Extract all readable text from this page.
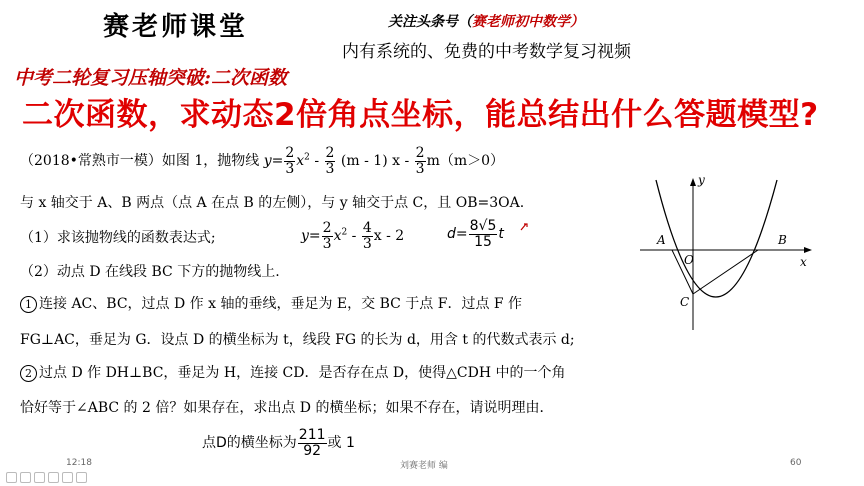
赛老师课堂	关注头条号（赛老师初中数学）
内有系统的、免费的中考数学复习视频
中考二轮复习压轴突破:二次函数
二次函数，求动态2倍角点坐标，能总结出什么答题模型?
（2018•常熟市一模）如图 1，抛物线 $y= \frac{2}{3} x^2 - \frac{2}{3} (m - 1)$ $x - \frac{2}{3} m(m>0)$
与 x 轴交于 A、B 两点（点 A 在点 B 的左侧），与 y 轴交于点 C，且 OB=3OA.
（1）求该抛物线的函数表达式;	$y= \frac{2}{3} x^2 - \frac{4}{3}$ x - 2	$d= \frac{8√5}{15}$ t
（2）动点 D 在线段 BC 下方的抛物线上.
1 连接 AC、BC，过点 D 作 x 轴的垂线，垂足为 E，交 BC 于点 F．过点 F 作
FG⊥AC，垂足为 G．设点 D 的横坐标为 t，线段 FG 的长为 d，用含 t 的代数式表示 d;
2 过点 D 作 DH⊥BC，垂足为 H，连接 CD．是否存在点 D，使得△CDH 中的一个角
恰好等于∠ABC 的 2 倍？如果存在，求出点 D 的横坐标；如果不存在，请说明理由．
点D的横坐标为 $\frac{211}{92}$ 或 1
y
x
A
O
B
C
12:18	刘赛老师 编	60
